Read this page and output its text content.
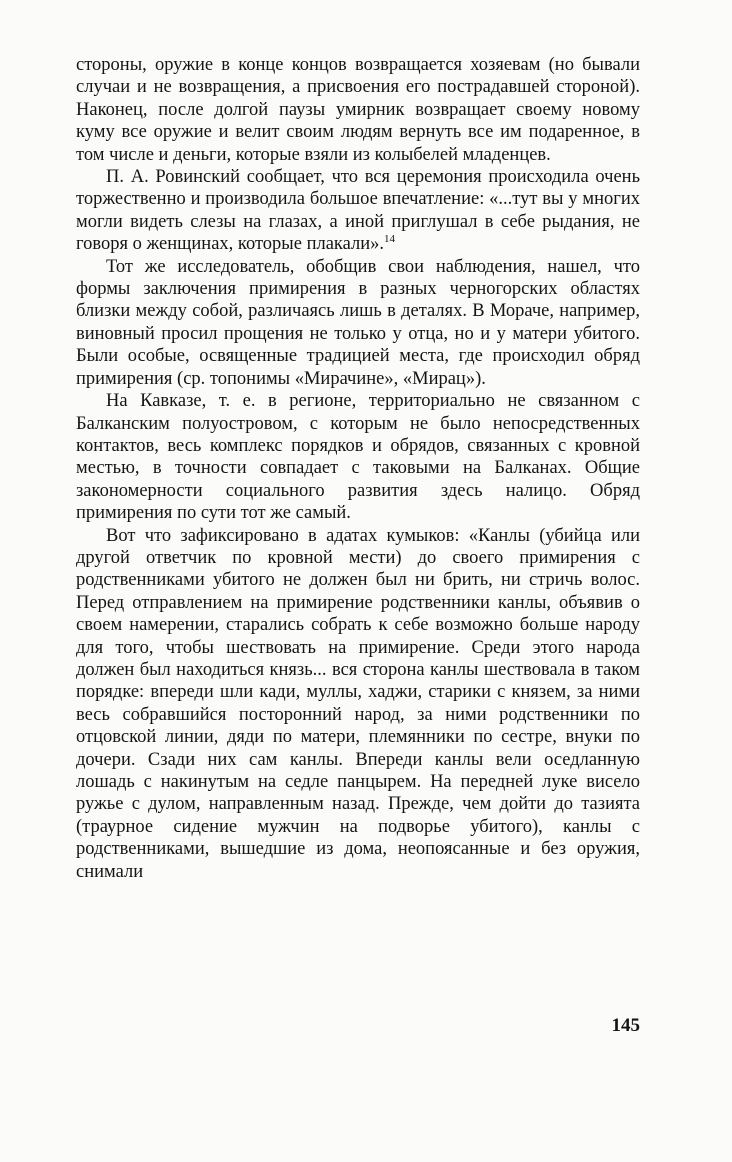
стороны, оружие в конце концов возвращается хозяевам (но бывали случаи и не возвращения, а присвоения его пострадавшей стороной). Наконец, после долгой паузы умирник возвращает своему новому куму все оружие и велит своим людям вернуть все им подаренное, в том числе и деньги, которые взяли из колыбелей младенцев.

П. А. Ровинский сообщает, что вся церемония происходила очень торжественно и производила большое впечатление: «...тут вы у многих могли видеть слезы на глазах, а иной приглушал в себе рыдания, не говоря о женщинах, которые плакали».$^{14}$

Тот же исследователь, обобщив свои наблюдения, нашел, что формы заключения примирения в разных черногорских областях близки между собой, различаясь лишь в деталях. В Мораче, например, виновный просил прощения не только у отца, но и у матери убитого. Были особые, освященные традицией места, где происходил обряд примирения (ср. топонимы «Мирачине», «Мирац»).

На Кавказе, т. е. в регионе, территориально не связанном с Балканским полуостровом, с которым не было непосредственных контактов, весь комплекс порядков и обрядов, связанных с кровной местью, в точности совпадает с таковыми на Балканах. Общие закономерности социального развития здесь налицо. Обряд примирения по сути тот же самый.

Вот что зафиксировано в адатах кумыков: «Канлы (убийца или другой ответчик по кровной мести) до своего примирения с родственниками убитого не должен был ни брить, ни стричь волос. Перед отправлением на примирение родственники канлы, объявив о своем намерении, старались собрать к себе возможно больше народу для того, чтобы шествовать на примирение. Среди этого народа должен был находиться князь... вся сторона канлы шествовала в таком порядке: впереди шли кади, муллы, хаджи, старики с князем, за ними весь собравшийся посторонний народ, за ними родственники по отцовской линии, дяди по матери, племянники по сестре, внуки по дочери. Сзади них сам канлы. Впереди канлы вели оседланную лошадь с накинутым на седле панцырем. На передней луке висело ружье с дулом, направленным назад. Прежде, чем дойти до тазията (траурное сидение мужчин на подворье убитого), канлы с родственниками, вышедшие из дома, неопоясанные и без оружия, снимали

145
